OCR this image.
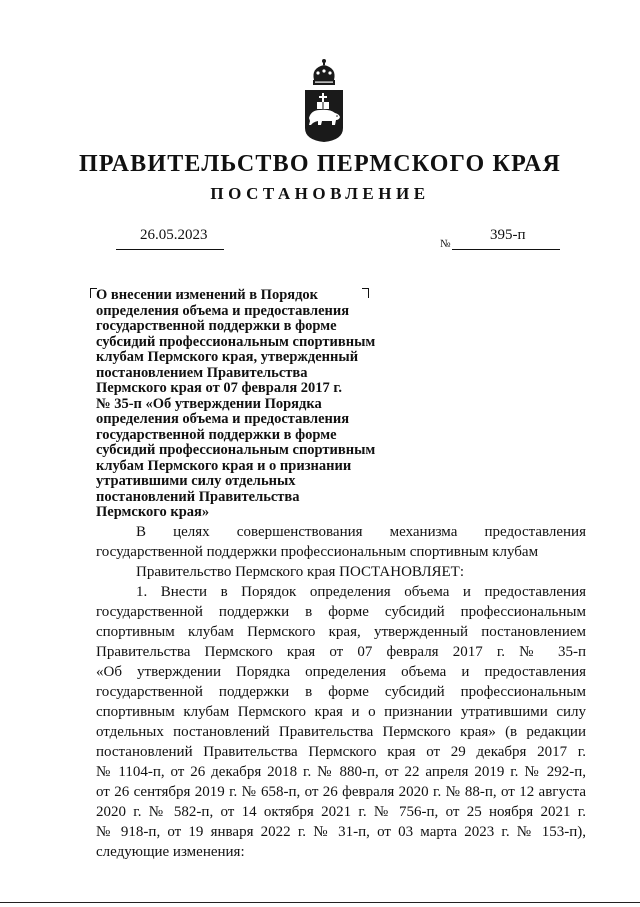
ПРАВИТЕЛЬСТВО ПЕРМСКОГО КРАЯ
ПОСТАНОВЛЕНИЕ
26.05.2023
№
395-п
О внесении изменений в Порядок
определения объема и предоставления
государственной поддержки в форме
субсидий профессиональным спортивным
клубам Пермского края, утвержденный
постановлением Правительства
Пермского края от 07 февраля 2017 г.
№ 35-п «Об утверждении Порядка
определения объема и предоставления
государственной поддержки в форме
субсидий профессиональным спортивным
клубам Пермского края и о признании
утратившими силу отдельных
постановлений Правительства
Пермского края»
В целях совершенствования механизма предоставления
государственной поддержки профессиональным спортивным клубам
Правительство Пермского края ПОСТАНОВЛЯЕТ:
1. Внести в Порядок определения объема и предоставления
государственной поддержки в форме субсидий профессиональным
спортивным клубам Пермского края, утвержденный постановлением
Правительства Пермского края от 07 февраля 2017 г. № 35-п
«Об утверждении Порядка определения объема и предоставления
государственной поддержки в форме субсидий профессиональным
спортивным клубам Пермского края и о признании утратившими силу
отдельных постановлений Правительства Пермского края» (в редакции
постановлений Правительства Пермского края от 29 декабря 2017 г.
№ 1104-п, от 26 декабря 2018 г. № 880-п, от 22 апреля 2019 г. № 292-п,
от 26 сентября 2019 г. № 658-п, от 26 февраля 2020 г. № 88-п, от 12 августа
2020 г. № 582-п, от 14 октября 2021 г. № 756-п, от 25 ноября 2021 г.
№ 918-п, от 19 января 2022 г. № 31-п, от 03 марта 2023 г. № 153-п),
следующие изменения:
